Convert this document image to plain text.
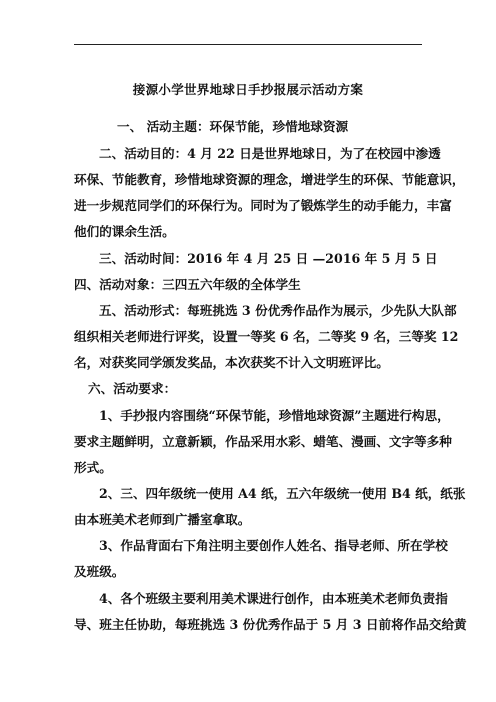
接源小学世界地球日手抄报展示活动方案
一、 活动主题：环保节能，珍惜地球资源
二、活动目的：4 月 22 日是世界地球日，为了在校园中渗透
环保、节能教育，珍惜地球资源的理念，增进学生的环保、节能意识，
进一步规范同学们的环保行为。同时为了锻炼学生的动手能力，丰富
他们的课余生活。
三、活动时间：2016 年 4 月 25 日 —2016 年 5 月 5 日
四、活动对象：三四五六年级的全体学生
五、活动形式：每班挑选 3 份优秀作品作为展示，少先队大队部
组织相关老师进行评奖，设置一等奖 6 名，二等奖 9 名，三等奖 12
名，对获奖同学颁发奖品，本次获奖不计入文明班评比。
六、活动要求：
1、手抄报内容围绕“环保节能，珍惜地球资源”主题进行构思，
要求主题鲜明，立意新颖，作品采用水彩、蜡笔、漫画、文字等多种
形式。
2、三、四年级统一使用 A4 纸，五六年级统一使用 B4 纸，纸张
由本班美术老师到广播室拿取。
3、作品背面右下角注明主要创作人姓名、指导老师、所在学校
及班级。
4、各个班级主要利用美术课进行创作，由本班美术老师负责指
导、班主任协助，每班挑选 3 份优秀作品于 5 月 3 日前将作品交给黄
